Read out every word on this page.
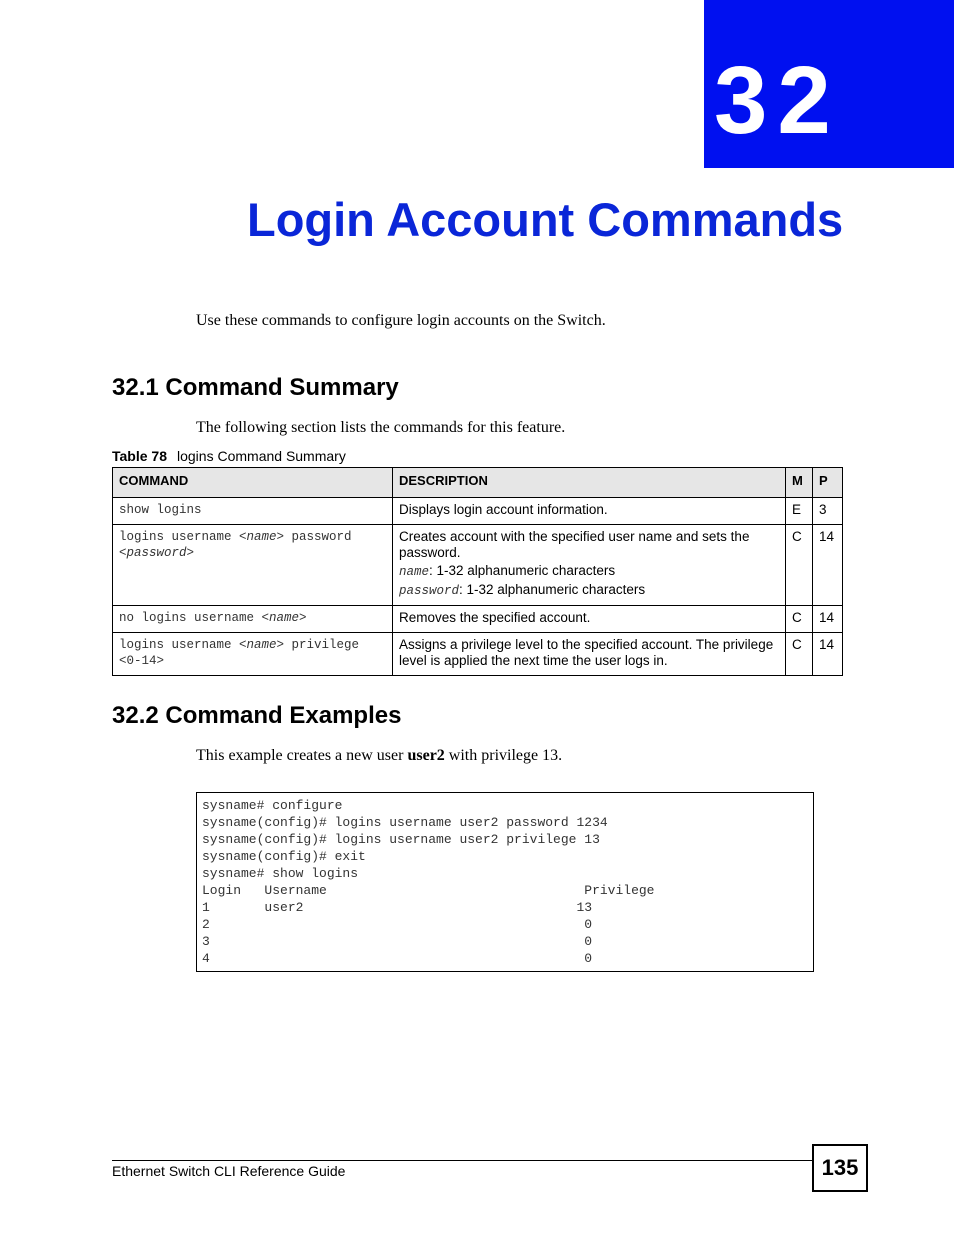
32
Login Account Commands
Use these commands to configure login accounts on the Switch.
32.1 Command Summary
The following section lists the commands for this feature.
Table 78 logins Command Summary
COMMAND	DESCRIPTION	M	P
show logins	Displays login account information.	E	3
logins username <name> password <password>	Creates account with the specified user name and sets the password.
name: 1-32 alphanumeric characters
password: 1-32 alphanumeric characters	C	14
no logins username <name>	Removes the specified account.	C	14
logins username <name> privilege <0-14>	Assigns a privilege level to the specified account. The privilege level is applied the next time the user logs in.	C	14
32.2 Command Examples
This example creates a new user user2 with privilege 13.
sysname# configure
sysname(config)# logins username user2 password 1234
sysname(config)# logins username user2 privilege 13
sysname(config)# exit
sysname# show logins
Login   Username                                 Privilege
1       user2                                   13
2                                                0
3                                                0
4                                                0
Ethernet Switch CLI Reference Guide	135
